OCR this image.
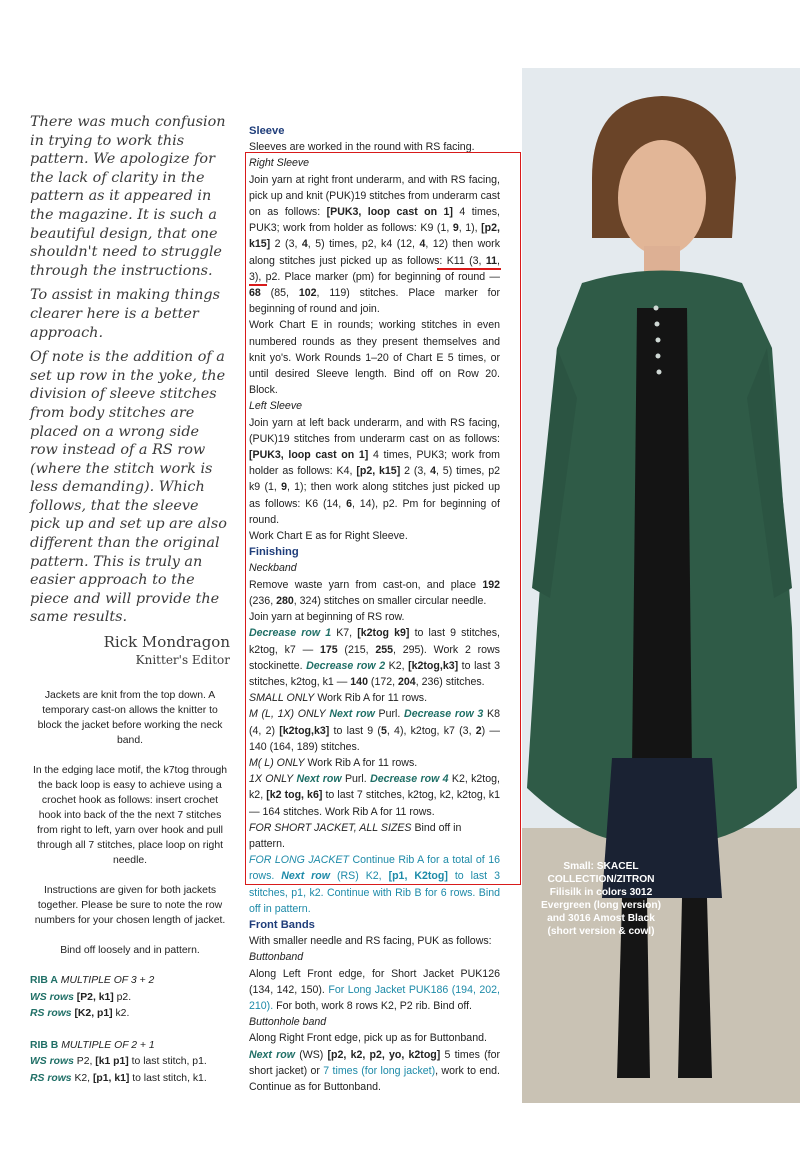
There was much confusion in trying to work this pattern. We apologize for the lack of clarity in the pattern as it appeared in the magazine. It is such a beautiful design, that one shouldn't need to struggle through the instructions.

To assist in making things clearer here is a better approach.

Of note is the addition of a set up row in the yoke, the division of sleeve stitches from body stitches are placed on a wrong side row instead of a RS row (where the stitch work is less demanding). Which follows, that the sleeve pick up and set up are also different than the original pattern. This is truly an easier approach to the piece and will provide the same results.

Rick Mondragon
Knitter's Editor

Jackets are knit from the top down. A temporary cast-on allows the knitter to block the jacket before working the neck band.

In the edging lace motif, the k7tog through the back loop is easy to achieve using a crochet hook as follows: insert crochet hook into back of the the next 7 stitches from right to left, yarn over hook and pull through all 7 stitches, place loop on right needle.

Instructions are given for both jackets together. Please be sure to note the row numbers for your chosen length of jacket.

Bind off loosely and in pattern.

RIB A MULTIPLE OF 3 + 2
WS rows [P2, k1] p2.
RS rows [K2, p1] k2.
RIB B MULTIPLE OF 2 + 1
WS rows P2, [k1 p1] to last stitch, p1.
RS rows K2, [p1, k1] to last stitch, k1.

Sleeve

Sleeves are worked in the round with RS facing.

Right Sleeve

Join yarn at right front underarm, and with RS facing, pick up and knit (PUK)19 stitches from underarm cast on as follows: [PUK3, loop cast on 1] 4 times, PUK3; work from holder as follows: K9 (1, 9, 1), [p2, k15] 2 (3, 4, 5) times, p2, k4 (12, 4, 12) then work along stitches just picked up as follows: K11 (3, 11, 3), p2. Place marker (pm) for beginning of round — 68 (85, 102, 119) stitches. Place marker for beginning of round and join.

Work Chart E in rounds; working stitches in even numbered rounds as they present themselves and knit yo's. Work Rounds 1–20 of Chart E 5 times, or until desired Sleeve length. Bind off on Row 20. Block.

Left Sleeve

Join yarn at left back underarm, and with RS facing, (PUK)19 stitches from underarm cast on as follows: [PUK3, loop cast on 1] 4 times, PUK3; work from holder as follows: K4, [p2, k15] 2 (3, 4, 5) times, p2 k9 (1, 9, 1); then work along stitches just picked up as follows: K6 (14, 6, 14), p2. Pm for beginning of round.

Work Chart E as for Right Sleeve.

Finishing

Neckband

Remove waste yarn from cast-on, and place 192 (236, 280, 324) stitches on smaller circular needle.

Join yarn at beginning of RS row.

Decrease row 1 K7, [k2tog k9] to last 9 stitches, k2tog, k7 — 175 (215, 255, 295). Work 2 rows stockinette. Decrease row 2 K2, [k2tog,k3] to last 3 stitches, k2tog, k1 — 140 (172, 204, 236) stitches.

SMALL ONLY Work Rib A for 11 rows.

M (L, 1X) ONLY Next row Purl. Decrease row 3 K8 (4, 2) [k2tog,k3] to last 9 (5, 4), k2tog, k7 (3, 2) — 140 (164, 189) stitches.

M( L) ONLY Work Rib A for 11 rows.

1X ONLY Next row Purl. Decrease row 4 K2, k2tog, k2, [k2 tog, k6] to last 7 stitches, k2tog, k2, k2tog, k1 — 164 stitches. Work Rib A for 11 rows.

FOR SHORT JACKET, ALL SIZES Bind off in pattern.

FOR LONG JACKET Continue Rib A for a total of 16 rows. Next row (RS) K2, [p1, K2tog] to last 3 stitches, p1, k2. Continue with Rib B for 6 rows. Bind off in pattern.

Front Bands

With smaller needle and RS facing, PUK as follows:

Buttonband

Along Left Front edge, for Short Jacket PUK126 (134, 142, 150). For Long Jacket PUK186 (194, 202, 210). For both, work 8 rows K2, P2 rib. Bind off.

Buttonhole band

Along Right Front edge, pick up as for Buttonband.
Next row (WS) [p2, k2, p2, yo, k2tog] 5 times (for short jacket) or 7 times (for long jacket), work to end. Continue as for Buttonband.

Small: SKACEL COLLECTION/ZITRON Filisilk in colors 3012 Evergreen (long version) and 3016 Amost Black (short version & cowl)
